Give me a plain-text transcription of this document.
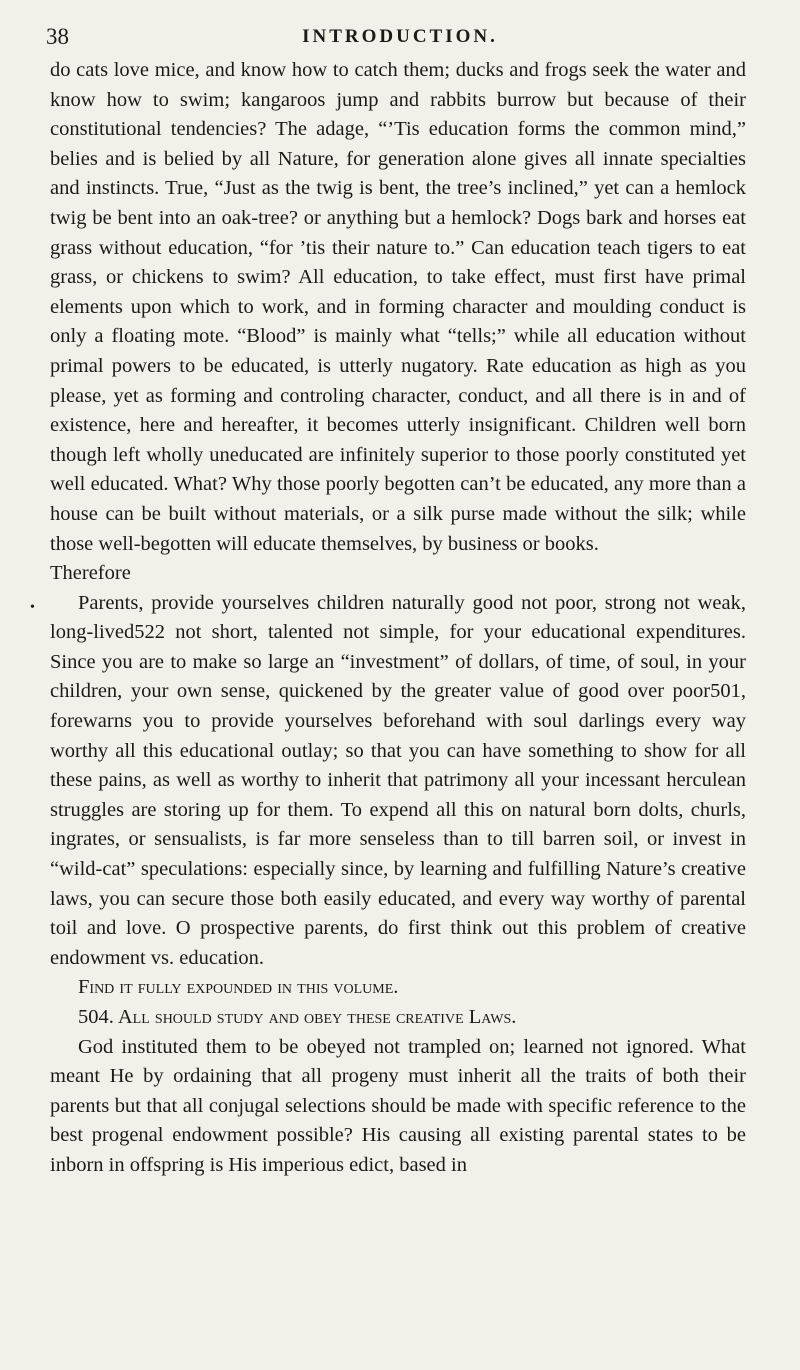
38	INTRODUCTION.
•

do cats love mice, and know how to catch them; ducks and frogs seek the water and know how to swim; kangaroos jump and rabbits burrow but because of their constitutional tendencies? The adage, “’Tis education forms the common mind,” belies and is belied by all Nature, for generation alone gives all innate specialties and instincts. True, “Just as the twig is bent, the tree’s inclined,” yet can a hemlock twig be bent into an oak-tree? or anything but a hemlock? Dogs bark and horses eat grass without education, “for ’tis their nature to.” Can education teach tigers to eat grass, or chickens to swim? All education, to take effect, must first have primal elements upon which to work, and in forming character and moulding conduct is only a floating mote. “Blood” is mainly what “tells;” while all education without primal powers to be educated, is utterly nugatory. Rate education as high as you please, yet as forming and controling character, conduct, and all there is in and of existence, here and hereafter, it becomes utterly insignificant. Children well born though left wholly uneducated are infinitely superior to those poorly constituted yet well educated. What? Why those poorly begotten can’t be educated, any more than a house can be built without materials, or a silk purse made without the silk; while those well-begotten will educate themselves, by business or books.

Therefore

Parents, provide yourselves children naturally good not poor, strong not weak, long-lived522 not short, talented not simple, for your educational expenditures. Since you are to make so large an “investment” of dollars, of time, of soul, in your children, your own sense, quickened by the greater value of good over poor501, forewarns you to provide yourselves beforehand with soul darlings every way worthy all this educational outlay; so that you can have something to show for all these pains, as well as worthy to inherit that patrimony all your incessant herculean struggles are storing up for them. To expend all this on natural born dolts, churls, ingrates, or sensualists, is far more senseless than to till barren soil, or invest in “wild-cat” speculations: especially since, by learning and fulfilling Nature’s creative laws, you can secure those both easily educated, and every way worthy of parental toil and love. O prospective parents, do first think out this problem of creative endowment vs. education.

Find it fully expounded in this volume.

504. All should study and obey these creative Laws.

God instituted them to be obeyed not trampled on; learned not ignored. What meant He by ordaining that all progeny must inherit all the traits of both their parents but that all conjugal selections should be made with specific reference to the best progenal endowment possible? His causing all existing parental states to be inborn in offspring is His imperious edict, based in
